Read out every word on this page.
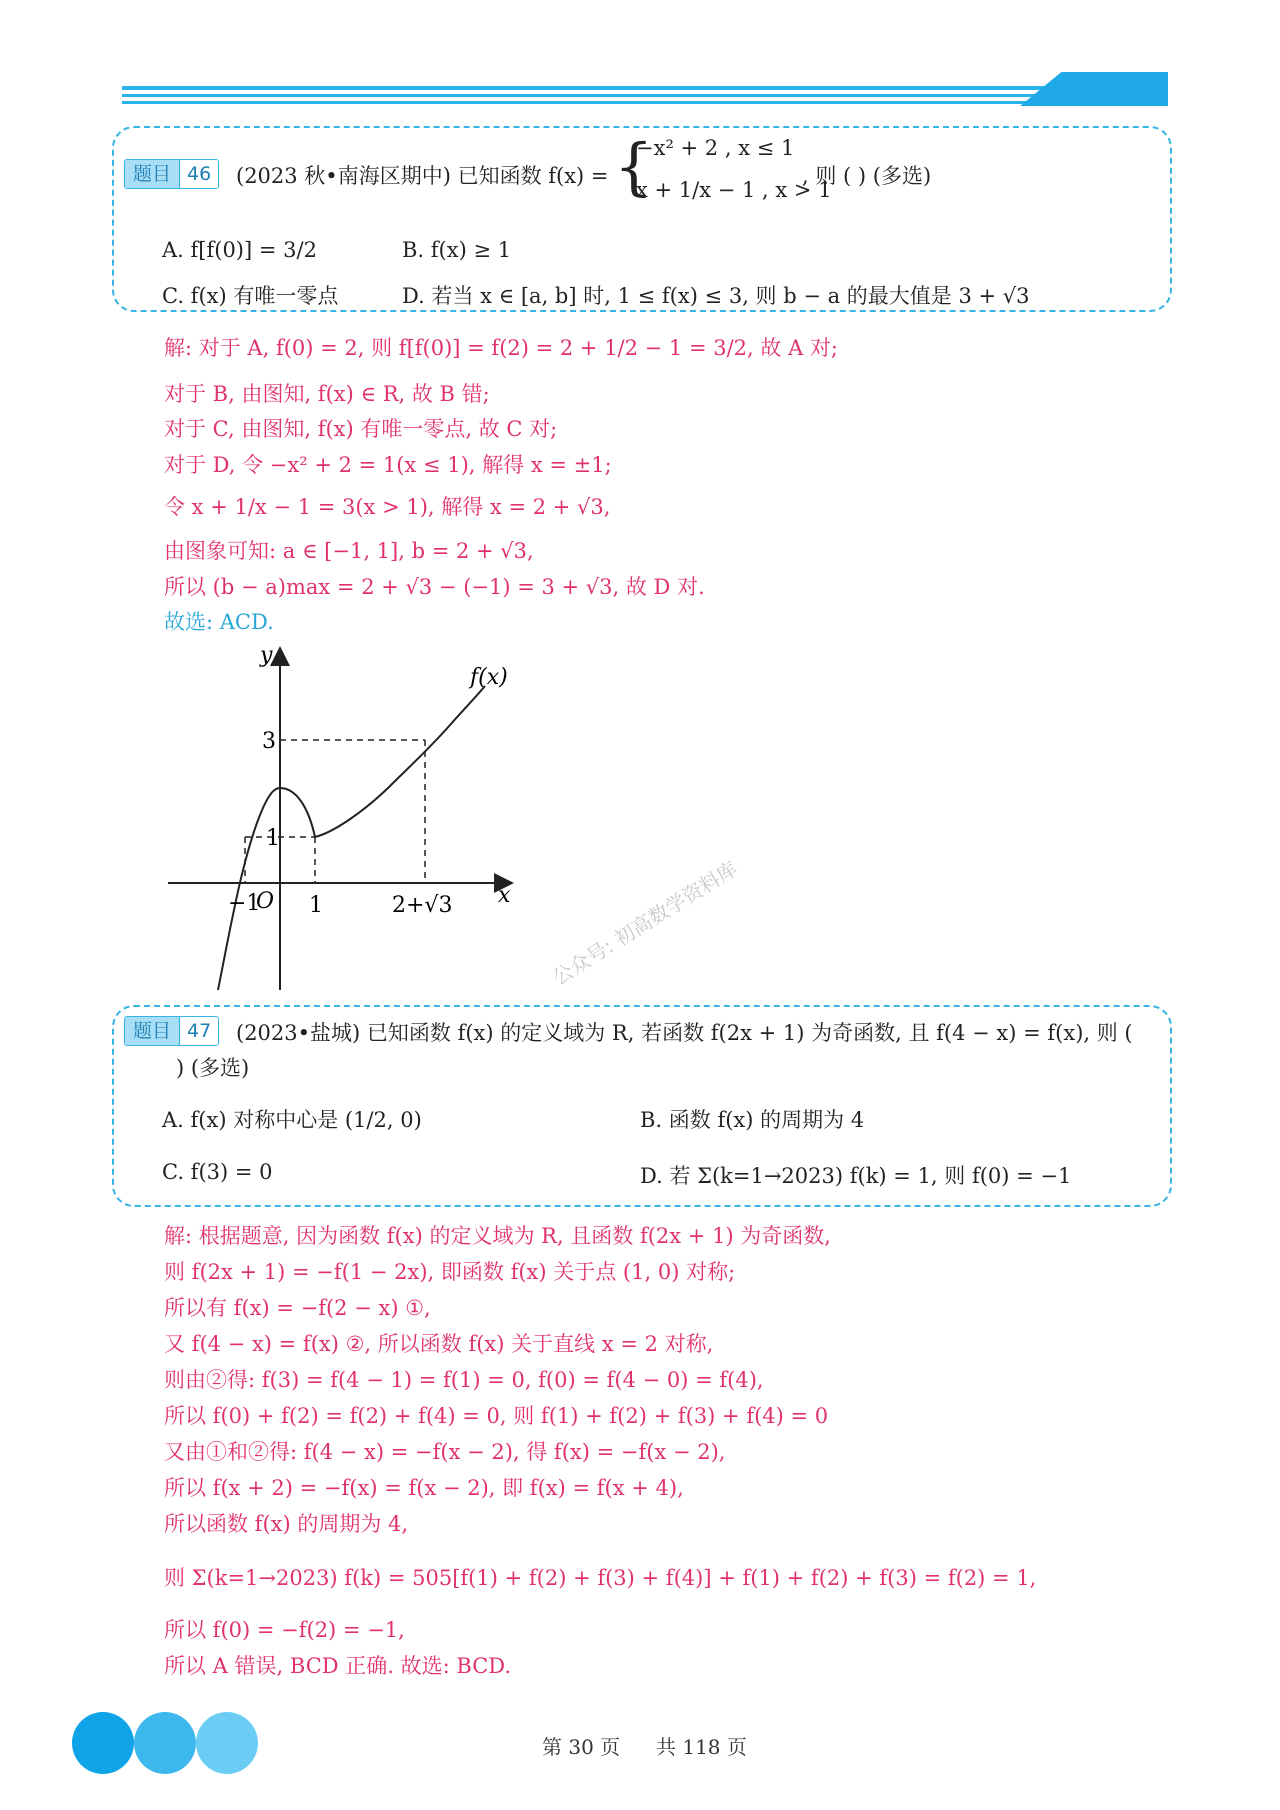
题目 46	(2023 秋•南海区期中) 已知函数 f(x) = {
−x² + 2 , x ≤ 1
x + 1/x − 1 , x > 1
, 则 ( ) (多选)
A. f[f(0)] = 3/2	B. f(x) ≥ 1
C. f(x) 有唯一零点	D. 若当 x ∈ [a, b] 时, 1 ≤ f(x) ≤ 3, 则 b − a 的最大值是 3 + √3
解: 对于 A, f(0) = 2, 则 f[f(0)] = f(2) = 2 + 1/2 − 1 = 3/2, 故 A 对;
对于 B, 由图知, f(x) ∈ R, 故 B 错;
对于 C, 由图知, f(x) 有唯一零点, 故 C 对;
对于 D, 令 −x² + 2 = 1(x ≤ 1), 解得 x = ±1;
令 x + 1/x − 1 = 3(x > 1), 解得 x = 2 + √3,
由图象可知: a ∈ [−1, 1], b = 2 + √3,
所以 (b − a)max = 2 + √3 − (−1) = 3 + √3, 故 D 对.
故选: ACD.
y
x
f(x)
3
1
−1
O 1	2+√3	公众号: 初高数学资料库
题目 47	(2023•盐城) 已知函数 f(x) 的定义域为 R, 若函数 f(2x + 1) 为奇函数, 且 f(4 − x) = f(x), 则 (
) (多选)
A. f(x) 对称中心是 (1/2, 0)	B. 函数 f(x) 的周期为 4
C. f(3) = 0	D. 若 Σ(k=1→2023) f(k) = 1, 则 f(0) = −1
解: 根据题意, 因为函数 f(x) 的定义域为 R, 且函数 f(2x + 1) 为奇函数,
则 f(2x + 1) = −f(1 − 2x), 即函数 f(x) 关于点 (1, 0) 对称;
所以有 f(x) = −f(2 − x) ①,
又 f(4 − x) = f(x) ②, 所以函数 f(x) 关于直线 x = 2 对称,
则由②得: f(3) = f(4 − 1) = f(1) = 0, f(0) = f(4 − 0) = f(4),
所以 f(0) + f(2) = f(2) + f(4) = 0, 则 f(1) + f(2) + f(3) + f(4) = 0
又由①和②得: f(4 − x) = −f(x − 2), 得 f(x) = −f(x − 2),
所以 f(x + 2) = −f(x) = f(x − 2), 即 f(x) = f(x + 4),
所以函数 f(x) 的周期为 4,
则 Σ(k=1→2023) f(k) = 505[f(1) + f(2) + f(3) + f(4)] + f(1) + f(2) + f(3) = f(2) = 1,
所以 f(0) = −f(2) = −1,
所以 A 错误, BCD 正确. 故选: BCD.
第 30 页 共 118 页
